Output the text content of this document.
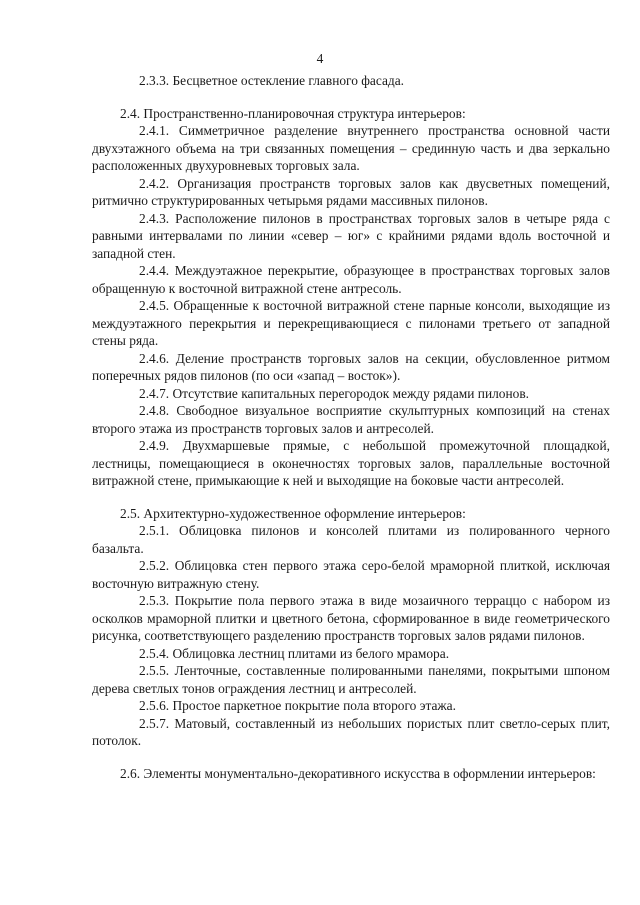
4

2.3.3. Бесцветное остекление главного фасада.

2.4. Пространственно-планировочная структура интерьеров:

2.4.1. Симметричное разделение внутреннего пространства основной части двухэтажного объема на три связанных помещения – срединную часть и два зеркально расположенных двухуровневых торговых зала.

2.4.2. Организация пространств торговых залов как двусветных помещений, ритмично структурированных четырьмя рядами массивных пилонов.

2.4.3. Расположение пилонов в пространствах торговых залов в четыре ряда с равными интервалами по линии «север – юг» с крайними рядами вдоль восточной и западной стен.

2.4.4. Междуэтажное перекрытие, образующее в пространствах торговых залов обращенную к восточной витражной стене антресоль.

2.4.5. Обращенные к восточной витражной стене парные консоли, выходящие из междуэтажного перекрытия и перекрещивающиеся с пилонами третьего от западной стены ряда.

2.4.6. Деление пространств торговых залов на секции, обусловленное ритмом поперечных рядов пилонов (по оси «запад – восток»).

2.4.7. Отсутствие капитальных перегородок между рядами пилонов.

2.4.8. Свободное визуальное восприятие скульптурных композиций на стенах второго этажа из пространств торговых залов и антресолей.

2.4.9. Двухмаршевые прямые, с небольшой промежуточной площадкой, лестницы, помещающиеся в оконечностях торговых залов, параллельные восточной витражной стене, примыкающие к ней и выходящие на боковые части антресолей.

2.5. Архитектурно-художественное оформление интерьеров:

2.5.1. Облицовка пилонов и консолей плитами из полированного черного базальта.

2.5.2. Облицовка стен первого этажа серо-белой мраморной плиткой, исключая восточную витражную стену.

2.5.3. Покрытие пола первого этажа в виде мозаичного терраццо с набором из осколков мраморной плитки и цветного бетона, сформированное в виде геометрического рисунка, соответствующего разделению пространств торговых залов рядами пилонов.

2.5.4. Облицовка лестниц плитами из белого мрамора.

2.5.5. Ленточные, составленные полированными панелями, покрытыми шпоном дерева светлых тонов ограждения лестниц и антресолей.

2.5.6. Простое паркетное покрытие пола второго этажа.

2.5.7. Матовый, составленный из небольших пористых плит светло-серых плит, потолок.

2.6. Элементы монументально-декоративного искусства в оформлении интерьеров:
